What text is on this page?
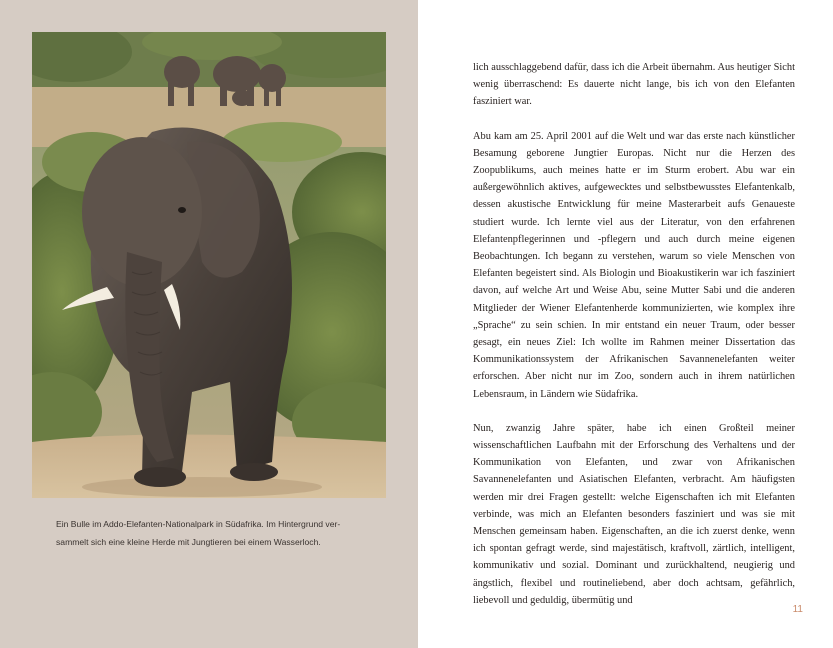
Ein Bulle im Addo-Elefanten-Nationalpark in Südafrika. Im Hintergrund ver-

sammelt sich eine kleine Herde mit Jungtieren bei einem Wasserloch.

lich ausschlaggebend dafür, dass ich die Arbeit übernahm. Aus heutiger Sicht wenig überraschend: Es dauerte nicht lange, bis ich von den Elefanten fasziniert war.

Abu kam am 25. April 2001 auf die Welt und war das erste nach künstlicher Besamung geborene Jungtier Europas. Nicht nur die Herzen des Zoopublikums, auch meines hatte er im Sturm erobert. Abu war ein außergewöhnlich aktives, aufgewecktes und selbstbewusstes Elefantenkalb, dessen akustische Entwicklung für meine Masterarbeit aufs Genaueste studiert wurde. Ich lernte viel aus der Literatur, von den erfahrenen Elefantenpflegerinnen und -pflegern und auch durch meine eigenen Beobachtungen. Ich begann zu verstehen, warum so viele Menschen von Elefanten begeistert sind. Als Biologin und Bioakustikerin war ich fasziniert davon, auf welche Art und Weise Abu, seine Mutter Sabi und die anderen Mitglieder der Wiener Elefantenherde kommunizierten, wie komplex ihre „Sprache“ zu sein schien. In mir entstand ein neuer Traum, oder besser gesagt, ein neues Ziel: Ich wollte im Rahmen meiner Dissertation das Kommunikationssystem der Afrikanischen Savannenelefanten weiter erforschen. Aber nicht nur im Zoo, sondern auch in ihrem natürlichen Lebensraum, in Ländern wie Südafrika.

Nun, zwanzig Jahre später, habe ich einen Großteil meiner wissenschaftlichen Laufbahn mit der Erforschung des Verhaltens und der Kommunikation von Elefanten, und zwar von Afrikanischen Savannenelefanten und Asiatischen Elefanten, verbracht. Am häufigsten werden mir drei Fragen gestellt: welche Eigenschaften ich mit Elefanten verbinde, was mich an Elefanten besonders fasziniert und was sie mit Menschen gemeinsam haben. Eigenschaften, an die ich zuerst denke, wenn ich spontan gefragt werde, sind majestätisch, kraftvoll, zärtlich, intelligent, kommunikativ und sozial. Dominant und zurückhaltend, neugierig und ängstlich, flexibel und routineliebend, aber doch achtsam, gefährlich, liebevoll und geduldig, übermütig und

11
